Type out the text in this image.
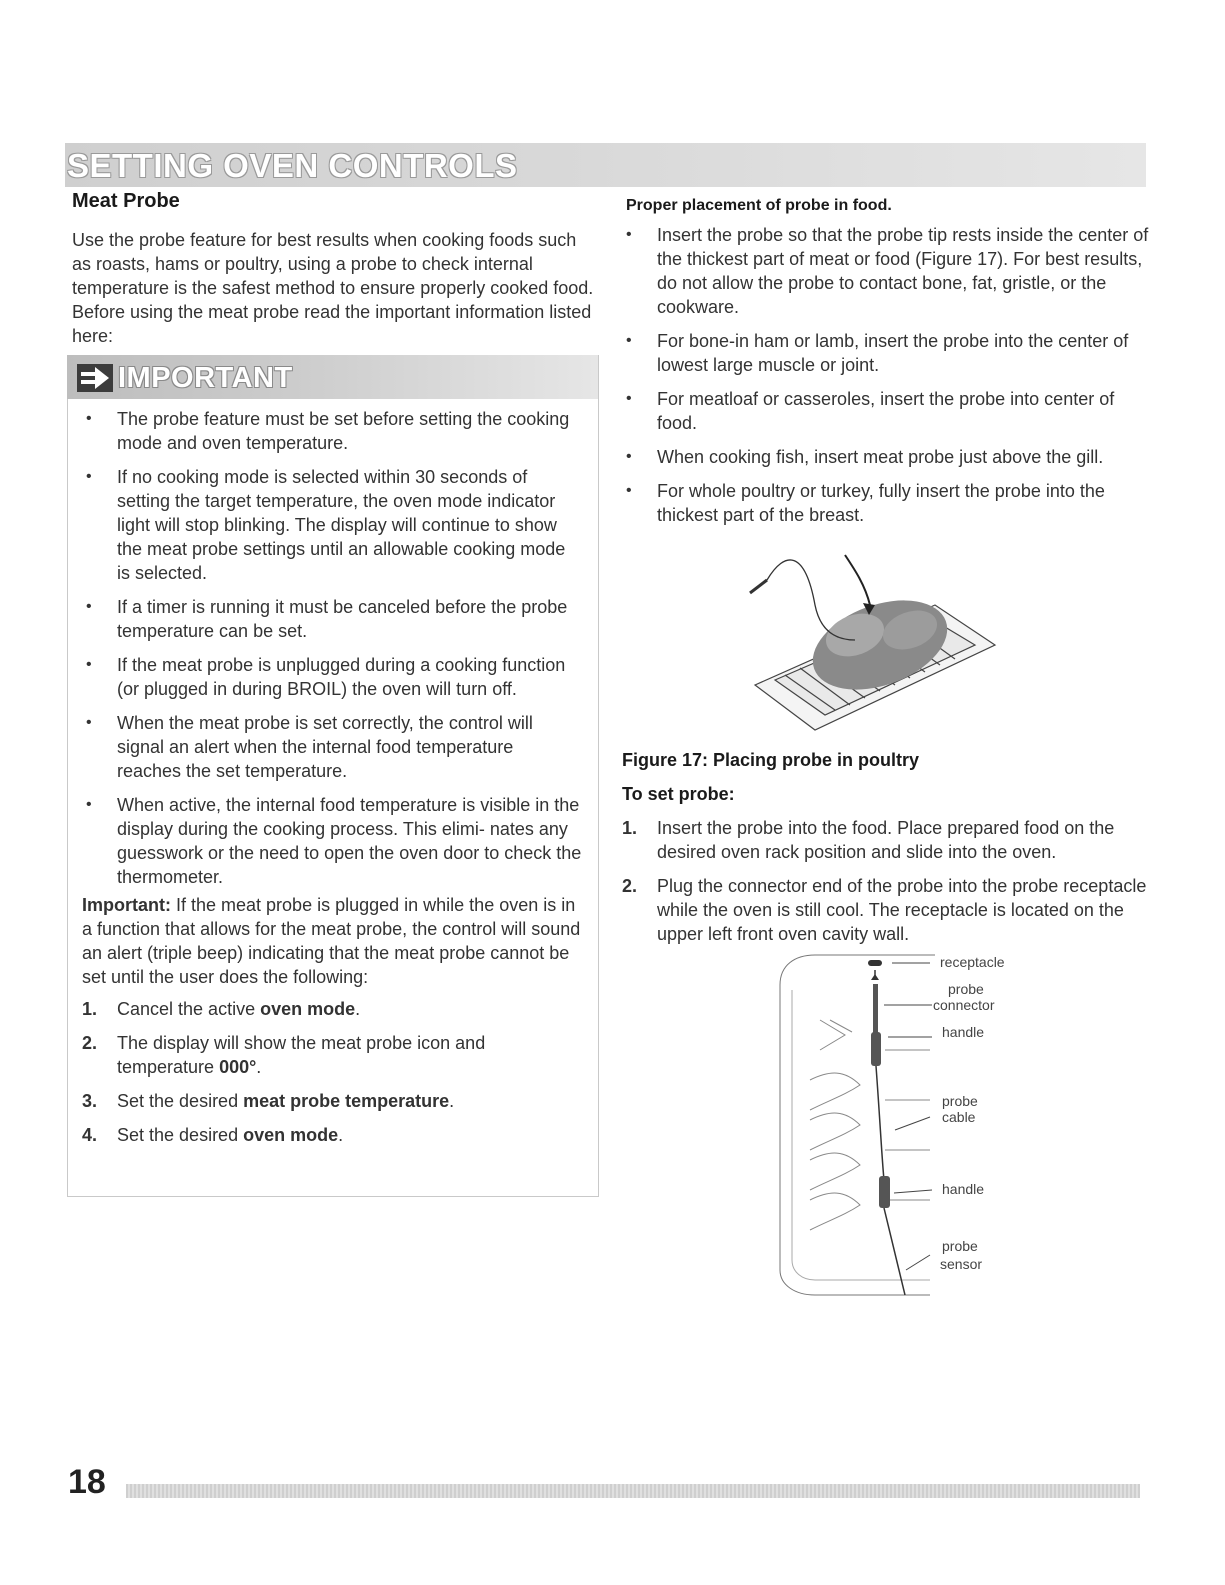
SETTING OVEN CONTROLS
Meat Probe
Use the probe feature for best results when cooking foods such as roasts, hams or poultry, using a probe to check internal temperature is the safest method to ensure properly cooked food. Before using the meat probe read the important information listed here:
IMPORTANT
• The probe feature must be set before setting the cooking mode and oven temperature.
• If no cooking mode is selected within 30 seconds of setting the target temperature, the oven mode indicator light will stop blinking. The display will continue to show the meat probe settings until an allowable cooking mode is selected.
• If a timer is running it must be canceled before the probe temperature can be set.
• If the meat probe is unplugged during a cooking function (or plugged in during BROIL) the oven will turn off.
• When the meat probe is set correctly, the control will signal an alert when the internal food temperature reaches the set temperature.
• When active, the internal food temperature is visible in the display during the cooking process. This elimi- nates any guesswork or the need to open the oven door to check the thermometer.
Important: If the meat probe is plugged in while the oven is in a function that allows for the meat probe, the control will sound an alert (triple beep) indicating that the meat probe cannot be set until the user does the following:
1. Cancel the active oven mode.
2. The display will show the meat probe icon and temperature 000°.
3. Set the desired meat probe temperature.
4. Set the desired oven mode.
Proper placement of probe in food.
• Insert the probe so that the probe tip rests inside the center of the thickest part of meat or food (Figure 17). For best results, do not allow the probe to contact bone, fat, gristle, or the cookware.
• For bone-in ham or lamb, insert the probe into the center of lowest large muscle or joint.
• For meatloaf or casseroles, insert the probe into center of food.
• When cooking fish, insert meat probe just above the gill.
• For whole poultry or turkey, fully insert the probe into the thickest part of the breast.
Figure 17: Placing probe in poultry
To set probe:
1. Insert the probe into the food. Place prepared food on the desired oven rack position and slide into the oven.
2. Plug the connector end of the probe into the probe receptacle while the oven is still cool. The receptacle is located on the upper left front oven cavity wall.
receptacle
probe
connector
handle
probe
cable
handle
probe
sensor
18
